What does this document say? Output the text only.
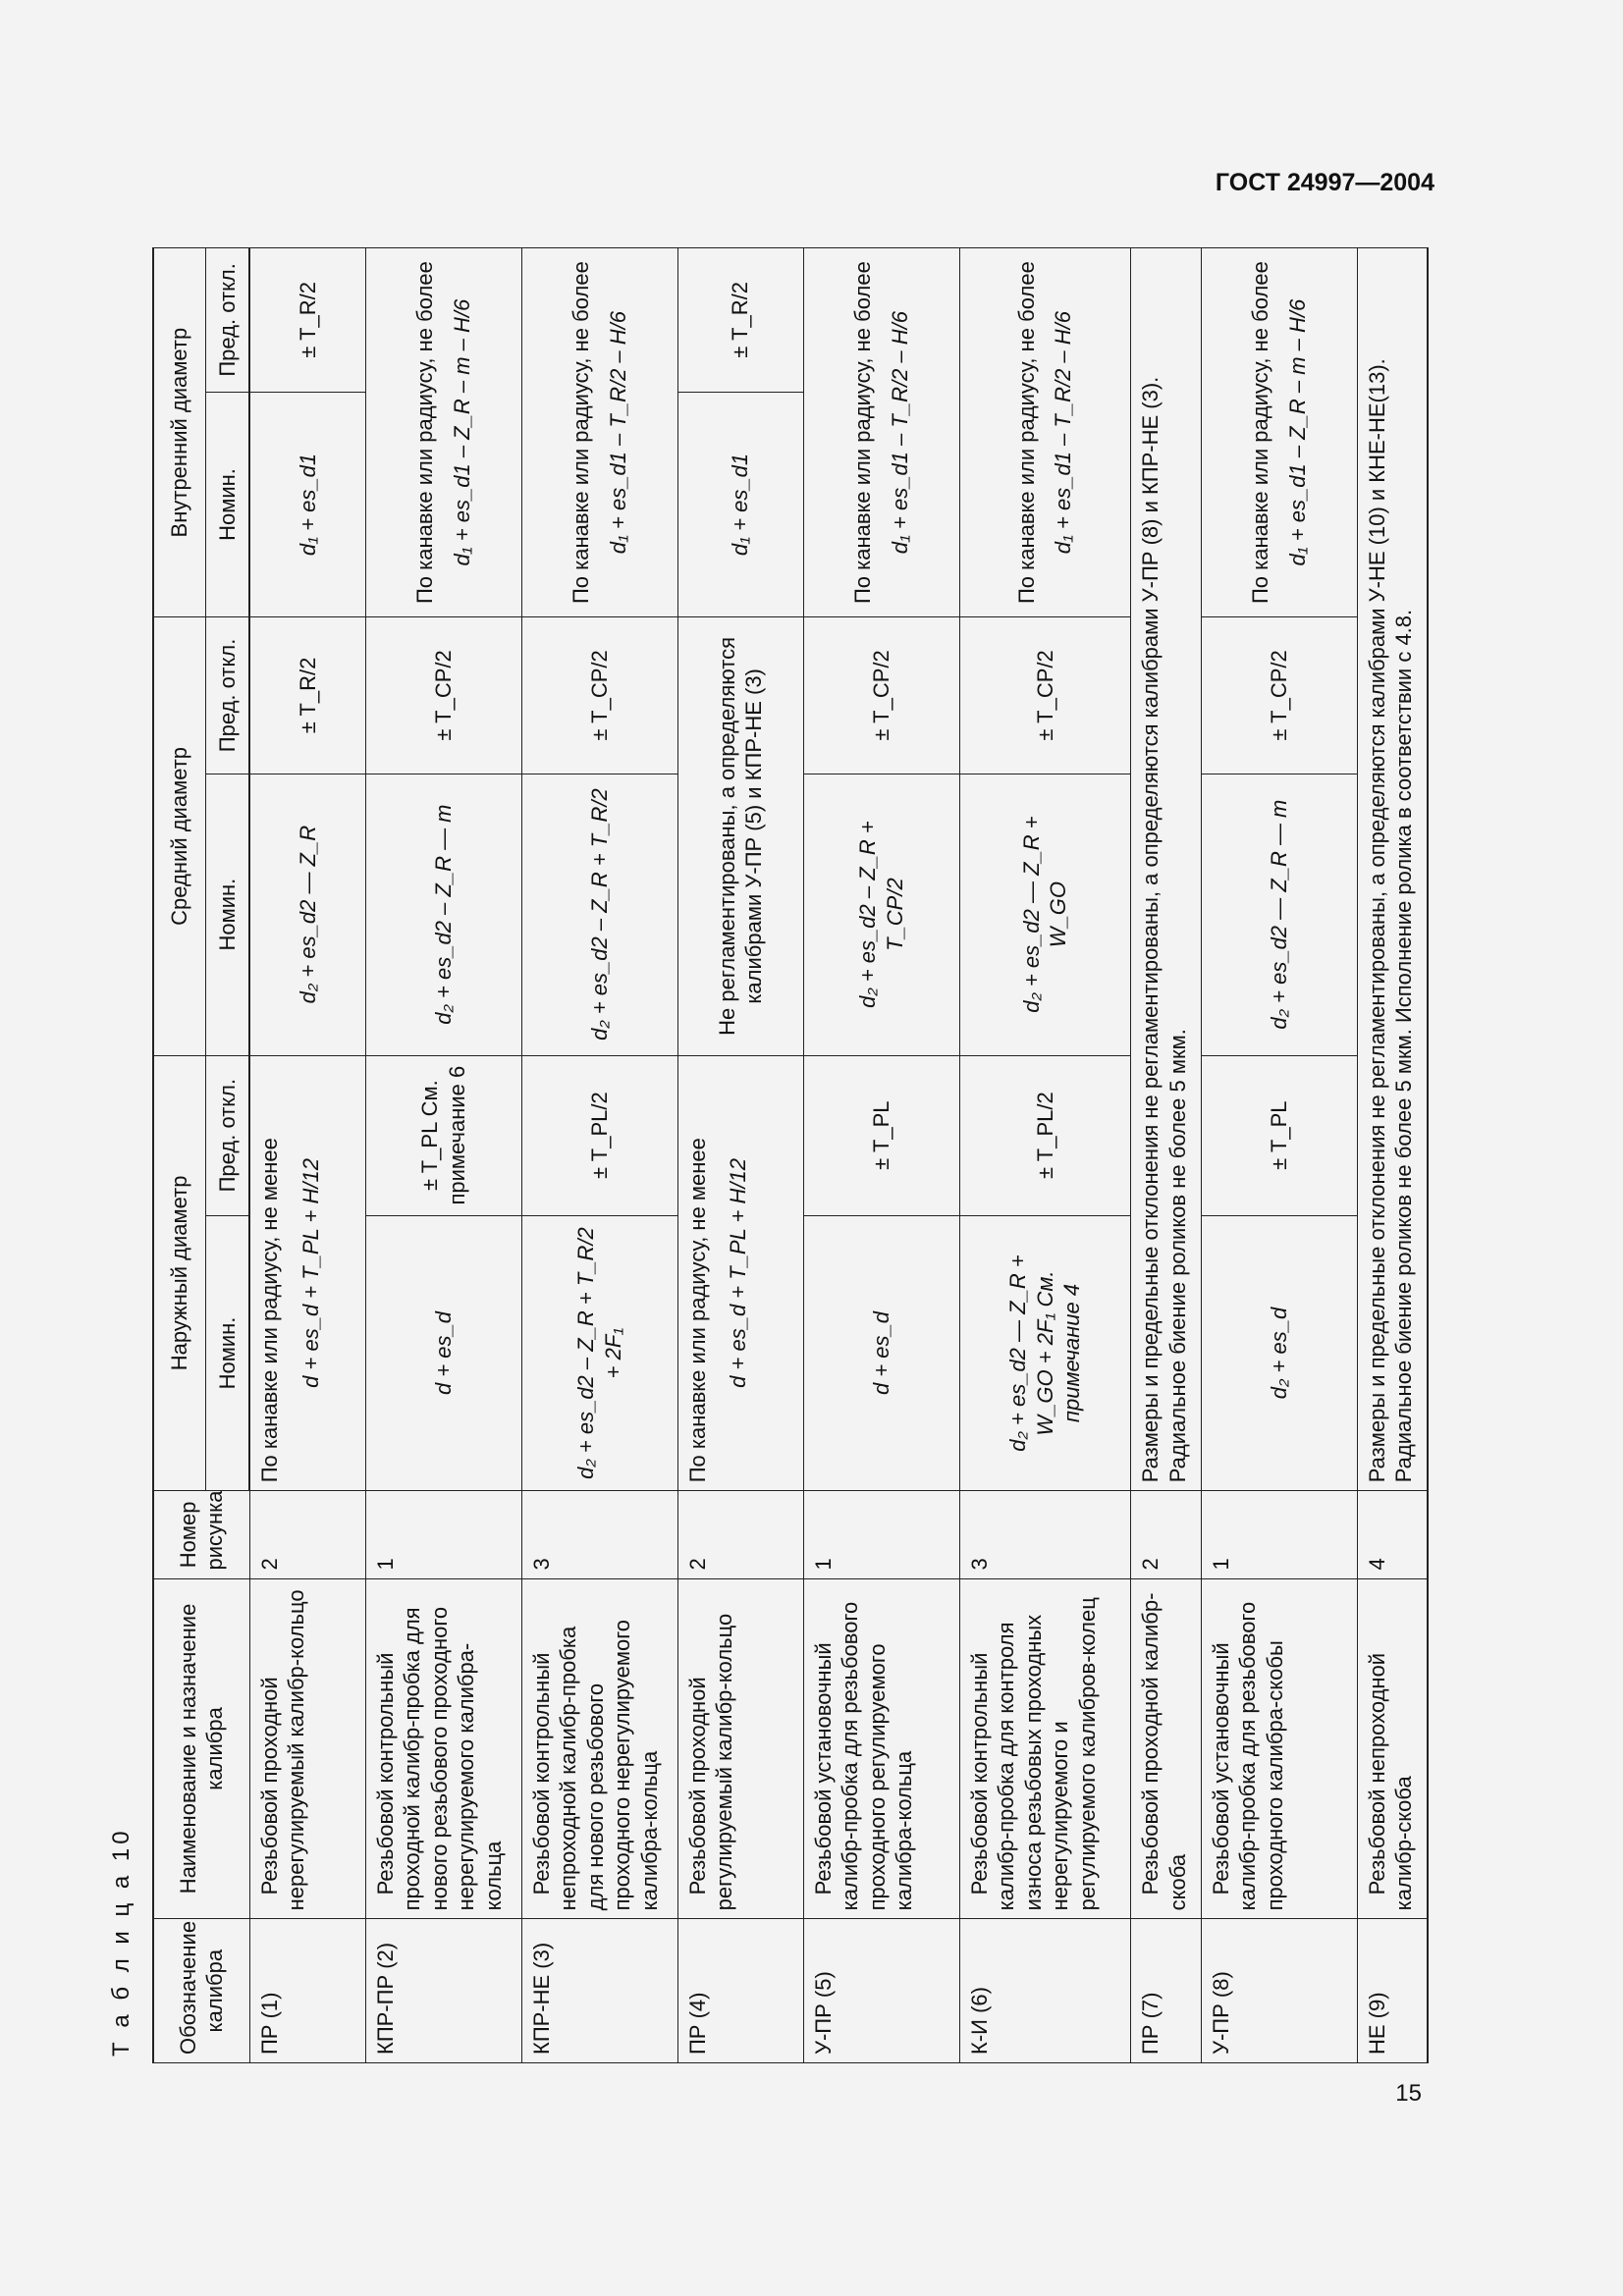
ГОСТ 24997—2004
Т а б л и ц а 10
15
Обозначение калибра	Наименование и назначение калибра	Номер рисунка	Наружный диаметр		Средний диаметр		Внутренний диаметр	
			Номин.	Пред. откл.	Номин.	Пред. откл.	Номин.	Пред. откл.
ПР (1)	Резьбовой проходной нерегулируемый калибр-кольцо	2	По канавке или радиусу, не менее d + es_d + T_PL + H/12		d₂ + es_d2 — Z_R	± T_R/2	d₁ + es_d1	± T_R/2
КПР-ПР (2)	Резьбовой контрольный проходной калибр-пробка для нового резьбового проходного нерегулируемого калибра-кольца	1	d + es_d	± T_PL См. примечание 6	d₂ + es_d2 – Z_R — m	± T_CP/2	По канавке или радиусу, не более d₁ + es_d1 – Z_R – m – H/6	

КПР-НЕ (3)	Резьбовой контрольный непроходной калибр-пробка для нового резьбового проходного нерегулируемого калибра-кольца	3	d₂ + es_d2 – Z_R + T_R/2 + 2F₁	± T_PL/2	d₂ + es_d2 – Z_R + T_R/2	± T_CP/2	По канавке или радиусу, не более d₁ + es_d1 – T_R/2 – H/6	

ПР (4)	Резьбовой проходной регулируемый калибр-кольцо	2	По канавке или радиусу, не менее d + es_d + T_PL + H/12		Не регламентированы, а определяются калибрами У-ПР (5) и КПР-НЕ (3)		d₁ + es_d1	± T_R/2
У-ПР (5)	Резьбовой установочный калибр-пробка для резьбового проходного регулируемого калибра-кольца	1	d + es_d	± T_PL	d₂ + es_d2 – Z_R + T_CP/2	± T_CP/2	По канавке или радиусу, не более d₁ + es_d1 – T_R/2 – H/6	

К-И (6)	Резьбовой контрольный калибр-пробка для контроля износа резьбовых проходных нерегулируемого и регулируемого калибров-колец	3	d₂ + es_d2 — Z_R + W_GO + 2F₁ См. примечание 4	± T_PL/2	d₂ + es_d2 — Z_R + W_GO	± T_CP/2	По канавке или радиусу, не более d₁ + es_d1 – T_R/2 – H/6	

ПР (7)	Резьбовой проходной калибр-скоба	2	Размеры и предельные отклонения не регламентированы, а определяются калибрами У-ПР (8) и КПР-НЕ (3). Радиальное биение роликов не более 5 мкм.					
У-ПР (8)	Резьбовой установочный калибр-пробка для резьбового проходного калибра-скобы	1	d₂ + es_d	± T_PL	d₂ + es_d2 — Z_R — m	± T_CP/2	По канавке или радиусу, не более d₁ + es_d1 – Z_R – m – H/6	

НЕ (9)	Резьбовой непроходной калибр-скоба	4	Размеры и предельные отклонения не регламентированы, а определяются калибрами У-НЕ (10) и КНЕ-НЕ(13). Радиальное биение роликов не более 5 мкм. Исполнение ролика в соответствии с 4.8.					
